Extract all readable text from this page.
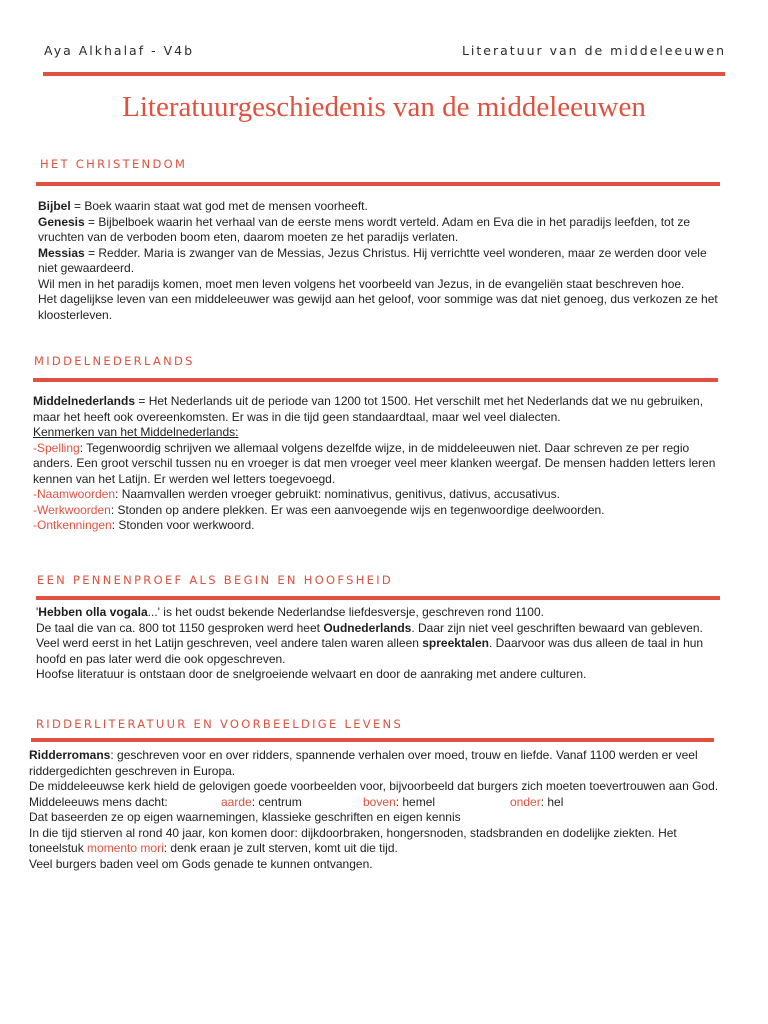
Aya Alkhalaf - V4b	Literatuur van de middeleeuwen
Literatuurgeschiedenis van de middeleeuwen
HET CHRISTENDOM

Bijbel = Boek waarin staat wat god met de mensen voorheeft.

Genesis = Bijbelboek waarin het verhaal van de eerste mens wordt verteld. Adam en Eva die in het paradijs leefden, tot ze vruchten van de verboden boom eten, daarom moeten ze het paradijs verlaten.

Messias = Redder. Maria is zwanger van de Messias, Jezus Christus. Hij verrichtte veel wonderen, maar ze werden door vele niet gewaardeerd.

Wil men in het paradijs komen, moet men leven volgens het voorbeeld van Jezus, in de evangeliën staat beschreven hoe.

Het dagelijkse leven van een middeleeuwer was gewijd aan het geloof, voor sommige was dat niet genoeg, dus verkozen ze het kloosterleven.

MIDDELNEDERLANDS

Middelnederlands = Het Nederlands uit de periode van 1200 tot 1500. Het verschilt met het Nederlands dat we nu gebruiken, maar het heeft ook overeenkomsten. Er was in die tijd geen standaardtaal, maar wel veel dialecten.

Kenmerken van het Middelnederlands:

-Spelling: Tegenwoordig schrijven we allemaal volgens dezelfde wijze, in de middeleeuwen niet. Daar schreven ze per regio anders. Een groot verschil tussen nu en vroeger is dat men vroeger veel meer klanken weergaf. De mensen hadden letters leren kennen van het Latijn. Er werden wel letters toegevoegd.

-Naamwoorden: Naamvallen werden vroeger gebruikt: nominativus, genitivus, dativus, accusativus.

-Werkwoorden: Stonden op andere plekken. Er was een aanvoegende wijs en tegenwoordige deelwoorden.

-Ontkenningen: Stonden voor werkwoord.

EEN PENNENPROEF ALS BEGIN EN HOOFSHEID

'Hebben olla vogala...' is het oudst bekende Nederlandse liefdesversje, geschreven rond 1100.

De taal die van ca. 800 tot 1150 gesproken werd heet Oudnederlands. Daar zijn niet veel geschriften bewaard van gebleven. Veel werd eerst in het Latijn geschreven, veel andere talen waren alleen spreektalen. Daarvoor was dus alleen de taal in hun hoofd en pas later werd die ook opgeschreven.

Hoofse literatuur is ontstaan door de snelgroeiende welvaart en door de aanraking met andere culturen.

RIDDERLITERATUUR EN VOORBEELDIGE LEVENS

Ridderromans: geschreven voor en over ridders, spannende verhalen over moed, trouw en liefde. Vanaf 1100 werden er veel riddergedichten geschreven in Europa.

De middeleeuwse kerk hield de gelovigen goede voorbeelden voor, bijvoorbeeld dat burgers zich moeten toevertrouwen aan God.

Middeleeuws mens dacht:	aarde: centrum	boven: hemel	onder: hel

Dat baseerden ze op eigen waarnemingen, klassieke geschriften en eigen kennis

In die tijd stierven al rond 40 jaar, kon komen door: dijkdoorbraken, hongersnoden, stadsbranden en dodelijke ziekten. Het toneelstuk momento mori: denk eraan je zult sterven, komt uit die tijd.

Veel burgers baden veel om Gods genade te kunnen ontvangen.
